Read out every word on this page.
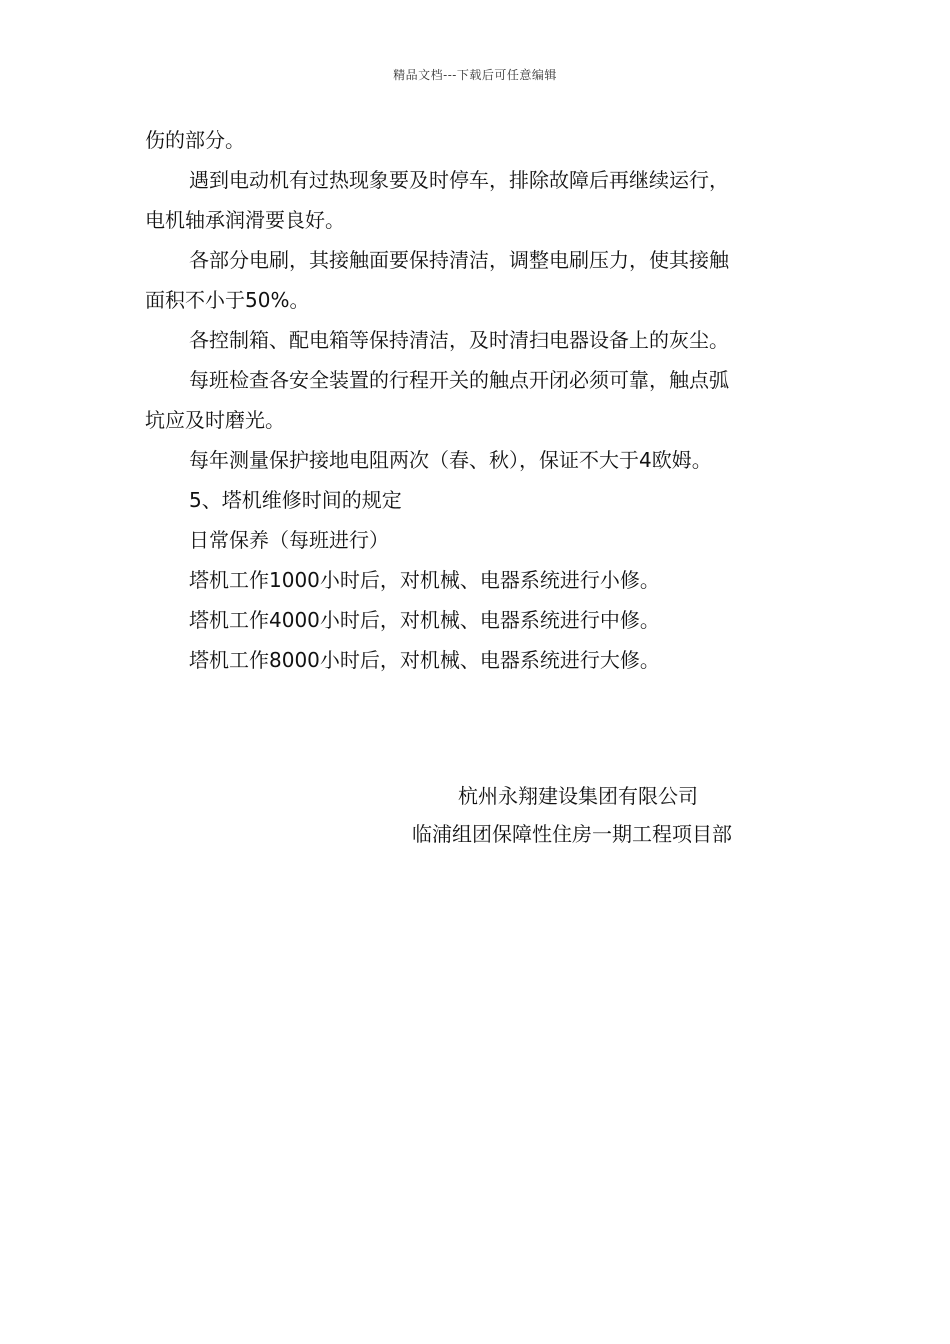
精品文档---下载后可任意编辑
伤的部分。
遇到电动机有过热现象要及时停车，排除故障后再继续运行，
电机轴承润滑要良好。
各部分电刷，其接触面要保持清洁，调整电刷压力，使其接触
面积不小于50%。
各控制箱、配电箱等保持清洁，及时清扫电器设备上的灰尘。
每班检查各安全装置的行程开关的触点开闭必须可靠，触点弧
坑应及时磨光。
每年测量保护接地电阻两次（春、秋），保证不大于4欧姆。
5、塔机维修时间的规定
日常保养（每班进行）
塔机工作1000小时后，对机械、电器系统进行小修。
塔机工作4000小时后，对机械、电器系统进行中修。
塔机工作8000小时后，对机械、电器系统进行大修。
杭州永翔建设集团有限公司
临浦组团保障性住房一期工程项目部
